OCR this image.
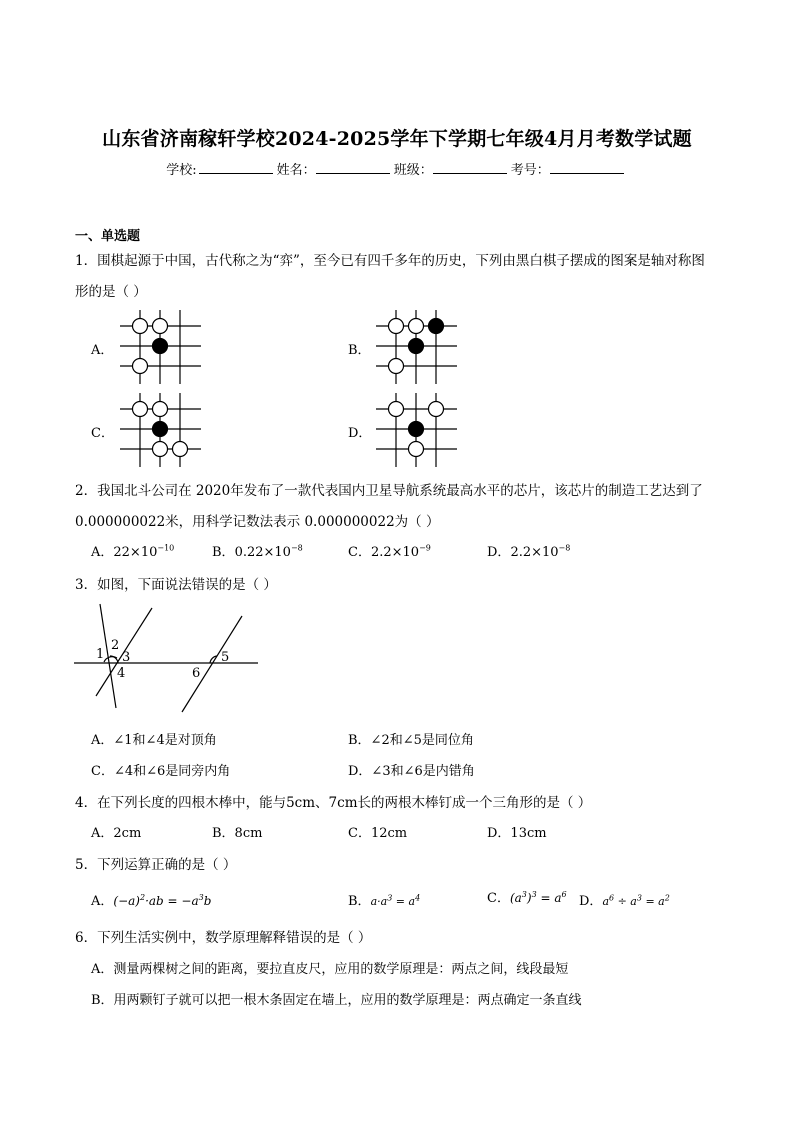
山东省济南稼轩学校2024-2025学年下学期七年级4月月考数学试题
学校:	姓名：	班级：	考号：
一、单选题
1．围棋起源于中国，古代称之为“弈”，至今已有四千多年的历史，下列由黑白棋子摆成的图案是轴对称图
形的是（ ）
A．	B．
C．	D．
2．我国北斗公司在 2020年发布了一款代表国内卫星导航系统最高水平的芯片，该芯片的制造工艺达到了
0.000000022米，用科学记数法表示 0.000000022为（ ）
A．$22\times 10^{-10}$	B．$0.22\times 10^{-8}$	C．$2.2\times 10^{-9}$	D．$2.2\times 10^{-8}$
3．如图，下面说法错误的是（ ）
1
2
3
4
5
6
A．∠1和∠4是对顶角	B．∠2和∠5是同位角
C．∠4和∠6是同旁内角	D．∠3和∠6是内错角
4．在下列长度的四根木棒中，能与5cm、7cm长的两根木棒钉成一个三角形的是（ ）
A．2cm	B．8cm	C．12cm	D．13cm
5．下列运算正确的是（ ）
A．$(-a)^2\cdot ab = -a^3b$	B．$a\cdot a^3 = a^4$	C．$(a^3)^3 = a^6$ D．$a^6 \div a^3 = a^2$
6．下列生活实例中，数学原理解释错误的是（ ）
A．测量两棵树之间的距离，要拉直皮尺，应用的数学原理是：两点之间，线段最短
B．用两颗钉子就可以把一根木条固定在墙上，应用的数学原理是：两点确定一条直线
